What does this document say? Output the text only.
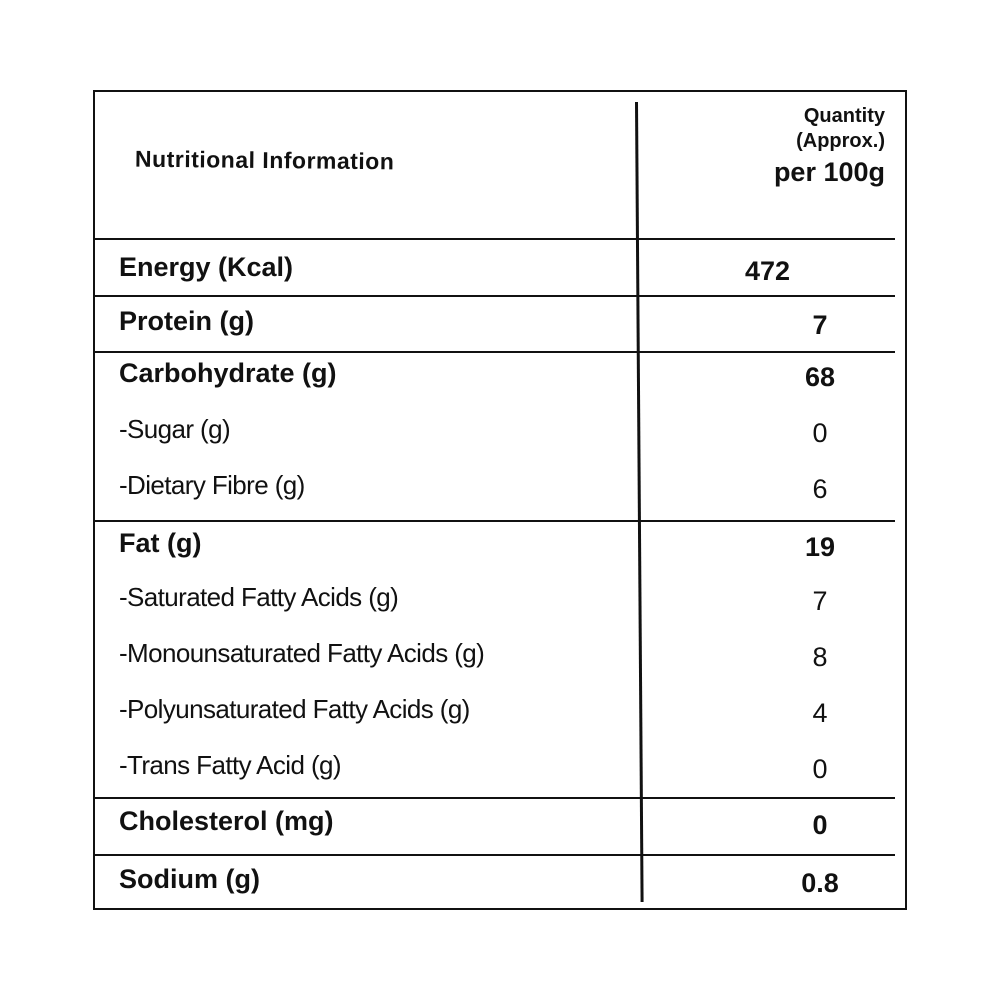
Nutritional Information
Quantity
(Approx.)
per 100g
Energy (Kcal)	472
Protein (g)	7
Carbohydrate (g)	68
-Sugar (g)	0
-Dietary Fibre (g)	6
Fat (g)	19
-Saturated Fatty Acids (g)	7
-Monounsaturated Fatty Acids (g)	8
-Polyunsaturated Fatty Acids (g)	4
-Trans Fatty Acid (g)	0
Cholesterol (mg)	0
Sodium (g)	0.8
